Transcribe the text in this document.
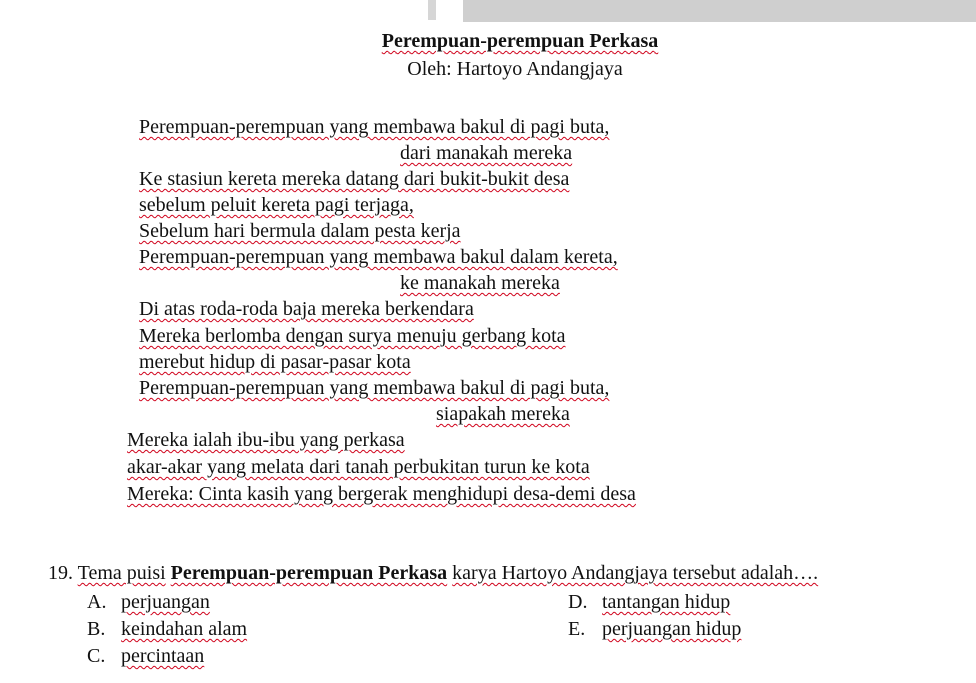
Perempuan-perempuan Perkasa
Oleh: Hartoyo Andangjaya
Perempuan-perempuan yang membawa bakul di pagi buta,
dari manakah mereka
Ke stasiun kereta mereka datang dari bukit-bukit desa
sebelum peluit kereta pagi terjaga,
Sebelum hari bermula dalam pesta kerja
Perempuan-perempuan yang membawa bakul dalam kereta,
ke manakah mereka
Di atas roda-roda baja mereka berkendara
Mereka berlomba dengan surya menuju gerbang kota
merebut hidup di pasar-pasar kota
Perempuan-perempuan yang membawa bakul di pagi buta,
siapakah mereka
Mereka ialah ibu-ibu yang perkasa
akar-akar yang melata dari tanah perbukitan turun ke kota
Mereka: Cinta kasih yang bergerak menghidupi desa-demi desa
19. Tema puisi Perempuan-perempuan Perkasa karya Hartoyo Andangjaya tersebut adalah….
A. perjuangan
B. keindahan alam
C. percintaan
D. tantangan hidup
E. perjuangan hidup
